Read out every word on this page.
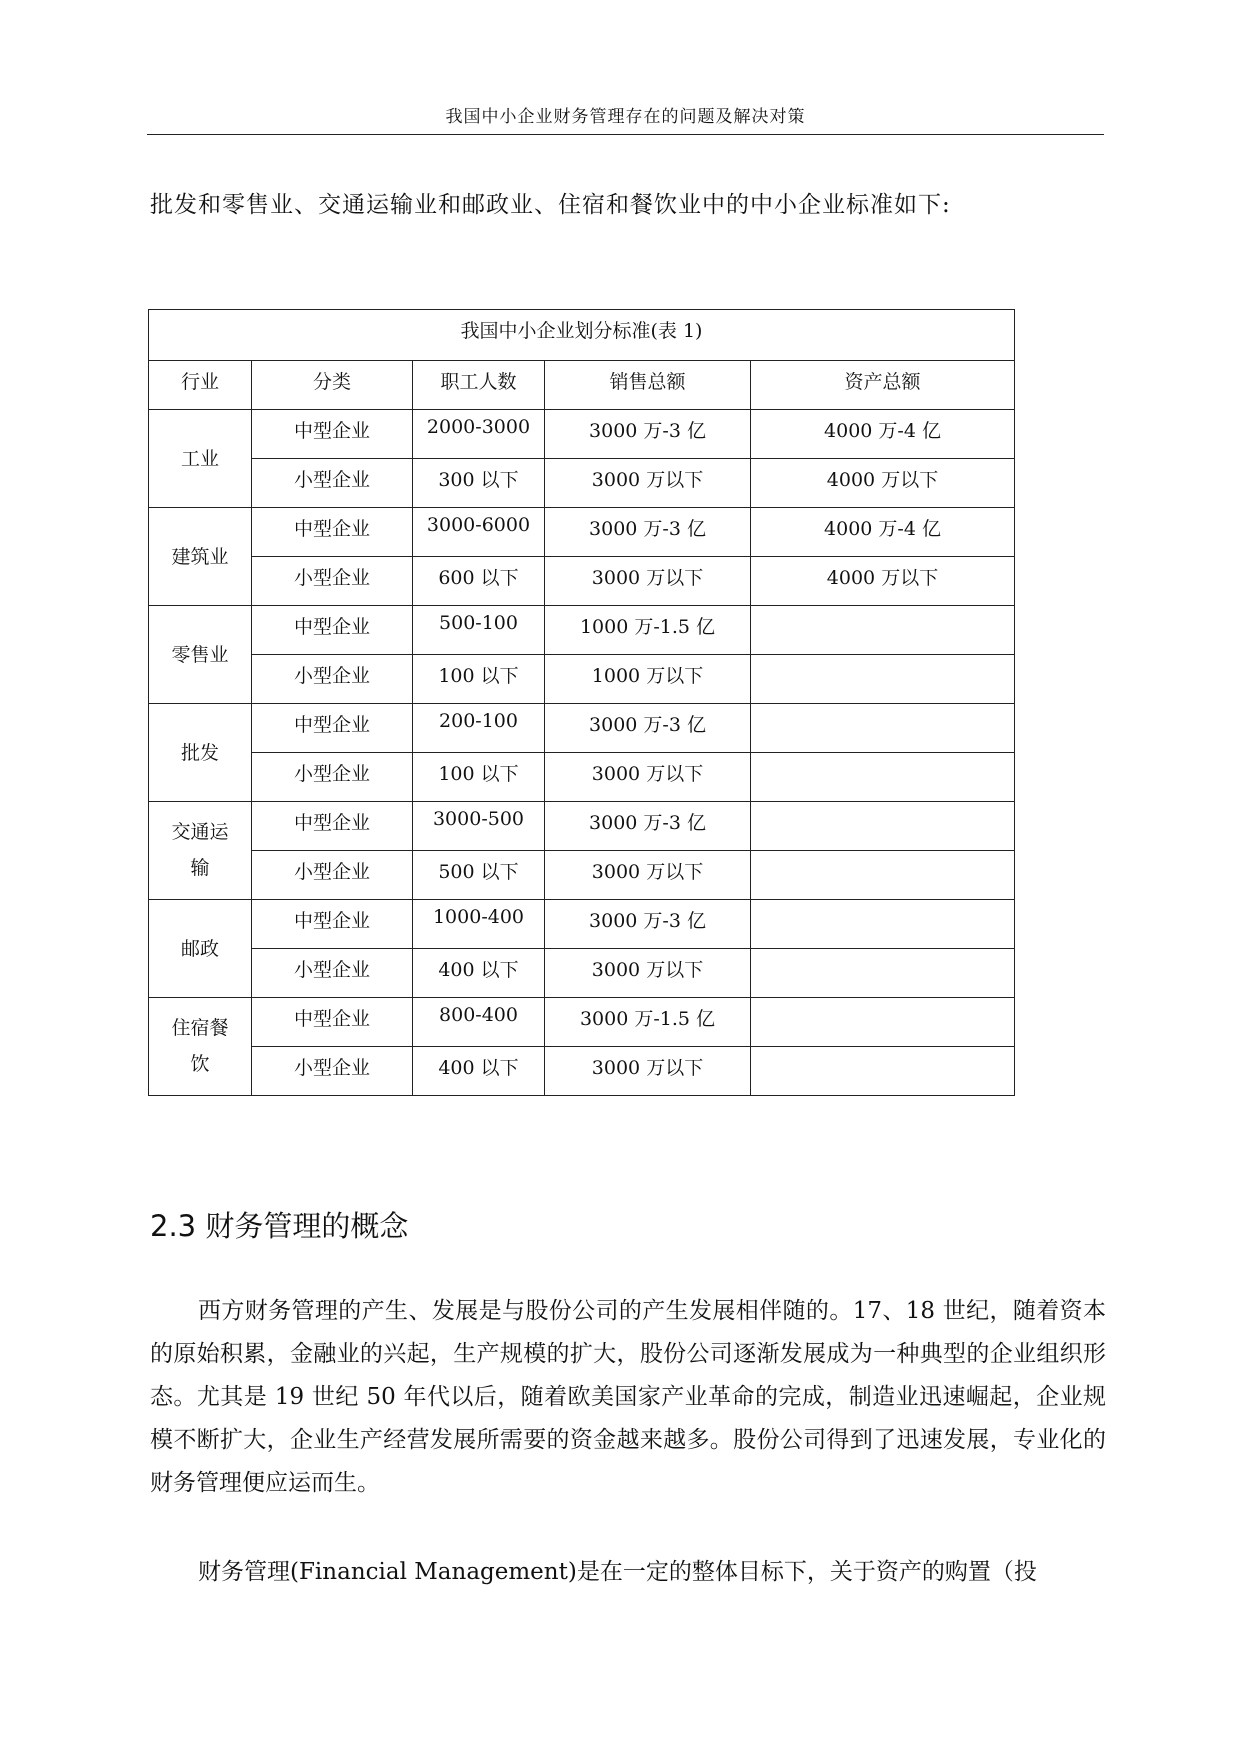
我国中小企业财务管理存在的问题及解决对策
批发和零售业、交通运输业和邮政业、住宿和餐饮业中的中小企业标准如下:
我国中小企业划分标准(表 1)				
行业	分类	职工人数	销售总额	资产总额
工业	中型企业	2000-3000	3000 万-3 亿	4000 万-4 亿
	小型企业	300 以下	3000 万以下	4000 万以下
建筑业	中型企业	3000-6000	3000 万-3 亿	4000 万-4 亿
	小型企业	600 以下	3000 万以下	4000 万以下
零售业	中型企业	500-100	1000 万-1.5 亿	
	小型企业	100 以下	1000 万以下	
批发	中型企业	200-100	3000 万-3 亿	
	小型企业	100 以下	3000 万以下	
交通运输	中型企业	3000-500	3000 万-3 亿	
	小型企业	500 以下	3000 万以下	
邮政	中型企业	1000-400	3000 万-3 亿	
	小型企业	400 以下	3000 万以下	
住宿餐饮	中型企业	800-400	3000 万-1.5 亿	
	小型企业	400 以下	3000 万以下	
2.3 财务管理的概念

西方财务管理的产生、发展是与股份公司的产生发展相伴随的。17、18 世纪，随着资本的原始积累，金融业的兴起，生产规模的扩大，股份公司逐渐发展成为一种典型的企业组织形态。尤其是 19 世纪 50 年代以后，随着欧美国家产业革命的完成，制造业迅速崛起，企业规模不断扩大，企业生产经营发展所需要的资金越来越多。股份公司得到了迅速发展，专业化的财务管理便应运而生。

财务管理(Financial Management)是在一定的整体目标下，关于资产的购置（投
